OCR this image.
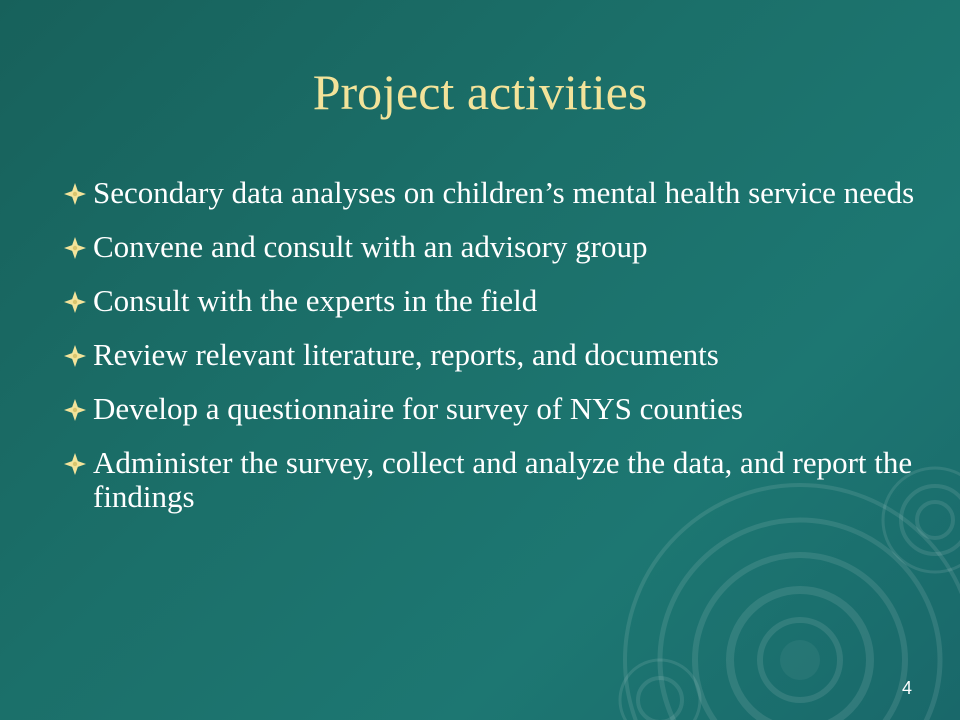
Project activities
Secondary data analyses on children’s mental health service needs
Convene and consult with an advisory group
Consult with the experts in the field
Review relevant literature, reports, and documents
Develop a questionnaire for survey of NYS counties
Administer the survey, collect and analyze the data, and report the findings
4
